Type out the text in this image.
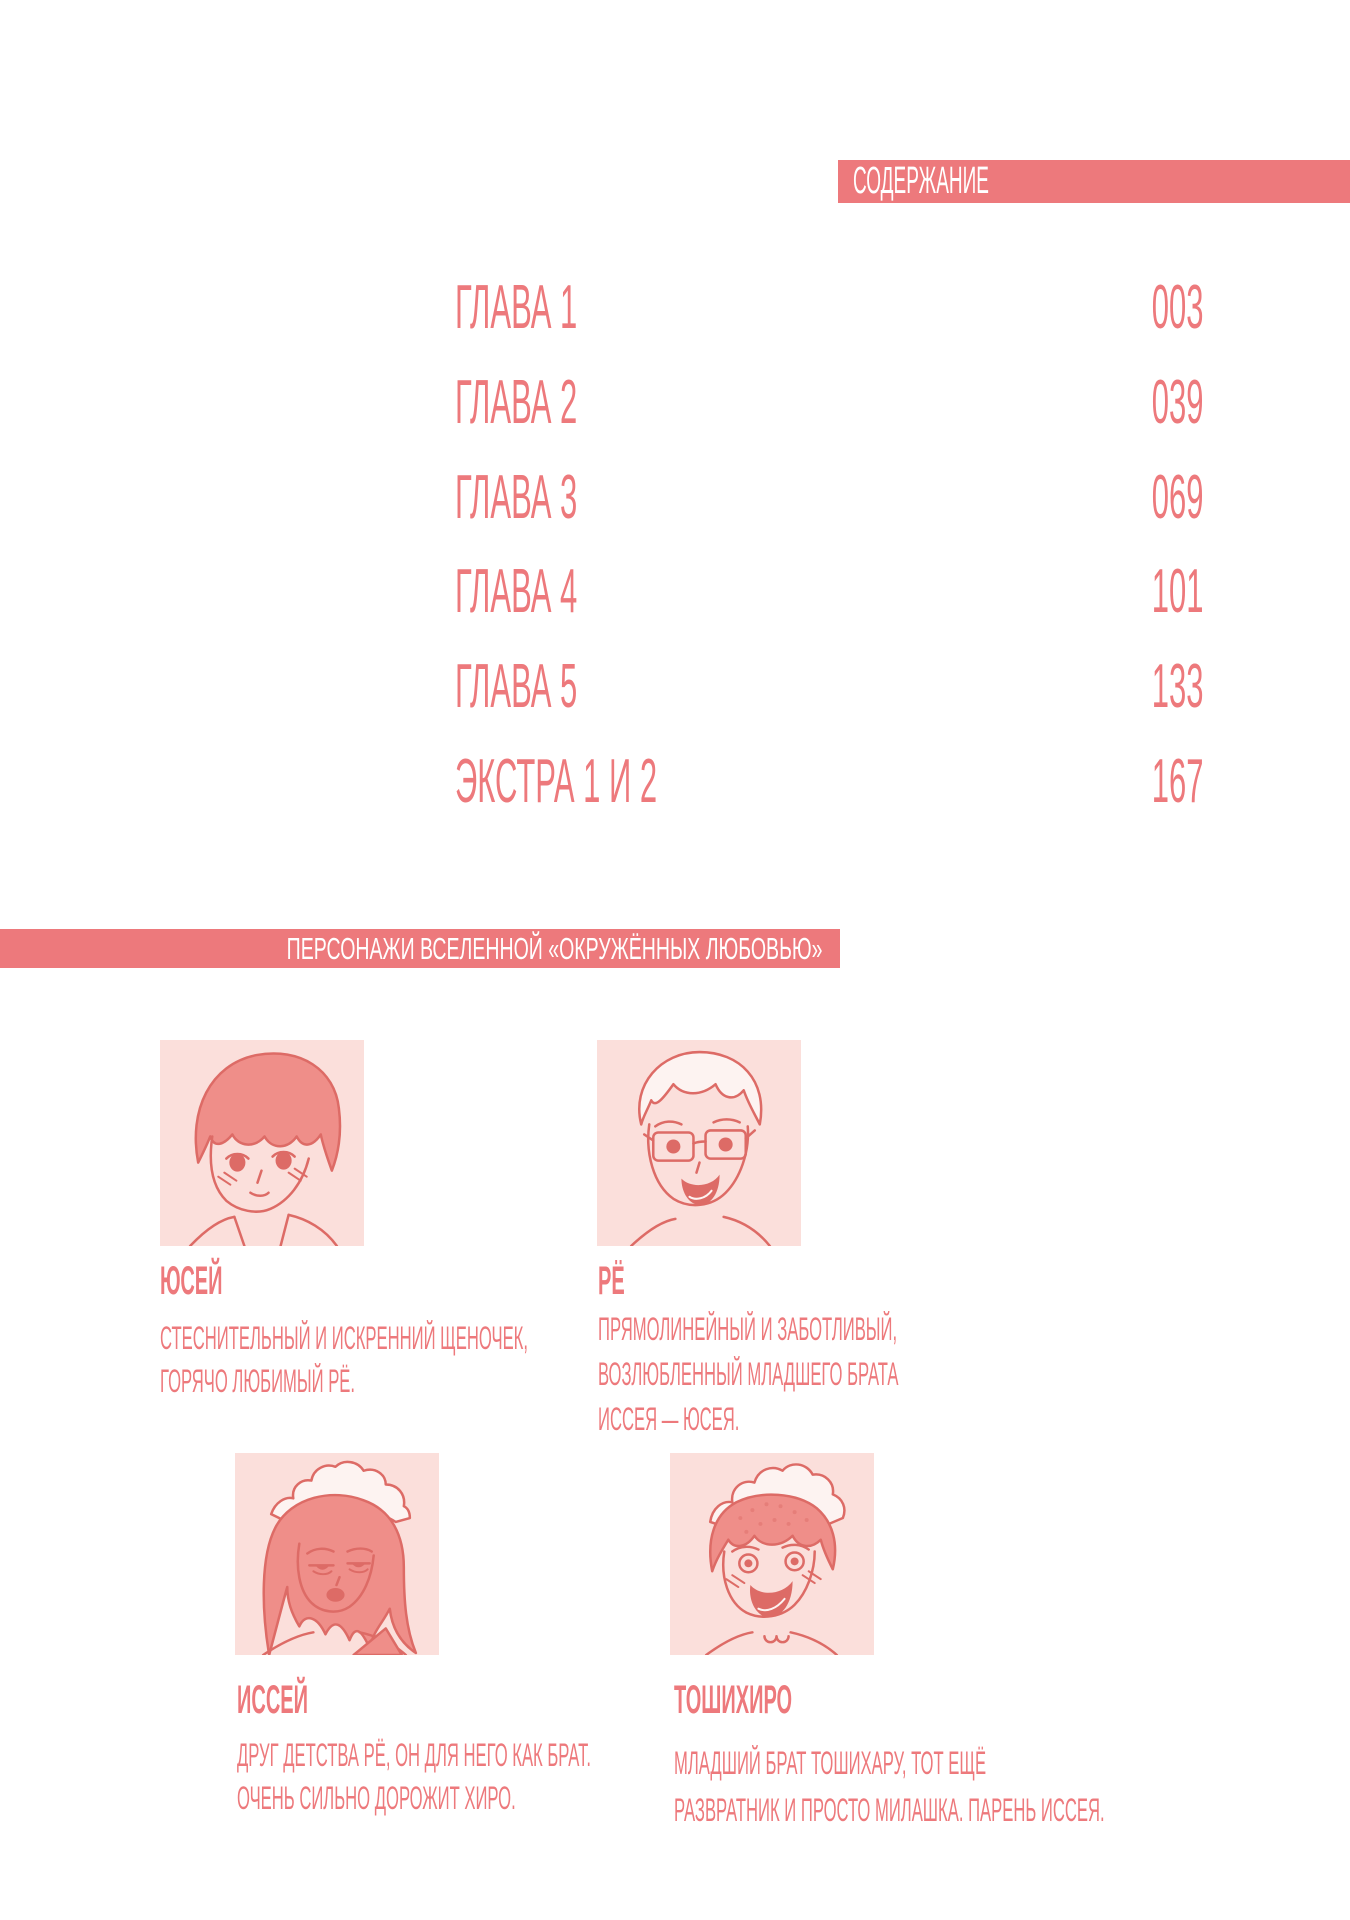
СОДЕРЖАНИЕ
ГЛАВА 1	003
ГЛАВА 2	039
ГЛАВА 3	069
ГЛАВА 4	101
ГЛАВА 5	133
ЭКСТРА 1 И 2	167
ПЕРСОНАЖИ ВСЕЛЕННОЙ «ОКРУЖЁННЫХ ЛЮБОВЬЮ»
ЮСЕЙ
СТЕСНИТЕЛЬНЫЙ И ИСКРЕННИЙ ЩЕНОЧЕК,
ГОРЯЧО ЛЮБИМЫЙ РЁ.
РЁ
ПРЯМОЛИНЕЙНЫЙ И ЗАБОТЛИВЫЙ,
ВОЗЛЮБЛЕННЫЙ МЛАДШЕГО БРАТА
ИССЕЯ — ЮСЕЯ.
ИССЕЙ
ДРУГ ДЕТСТВА РЁ, ОН ДЛЯ НЕГО КАК БРАТ.
ОЧЕНЬ СИЛЬНО ДОРОЖИТ ХИРО.
ТОШИХИРО
МЛАДШИЙ БРАТ ТОШИХАРУ, ТОТ ЕЩЁ
РАЗВРАТНИК И ПРОСТО МИЛАШКА. ПАРЕНЬ ИССЕЯ.
